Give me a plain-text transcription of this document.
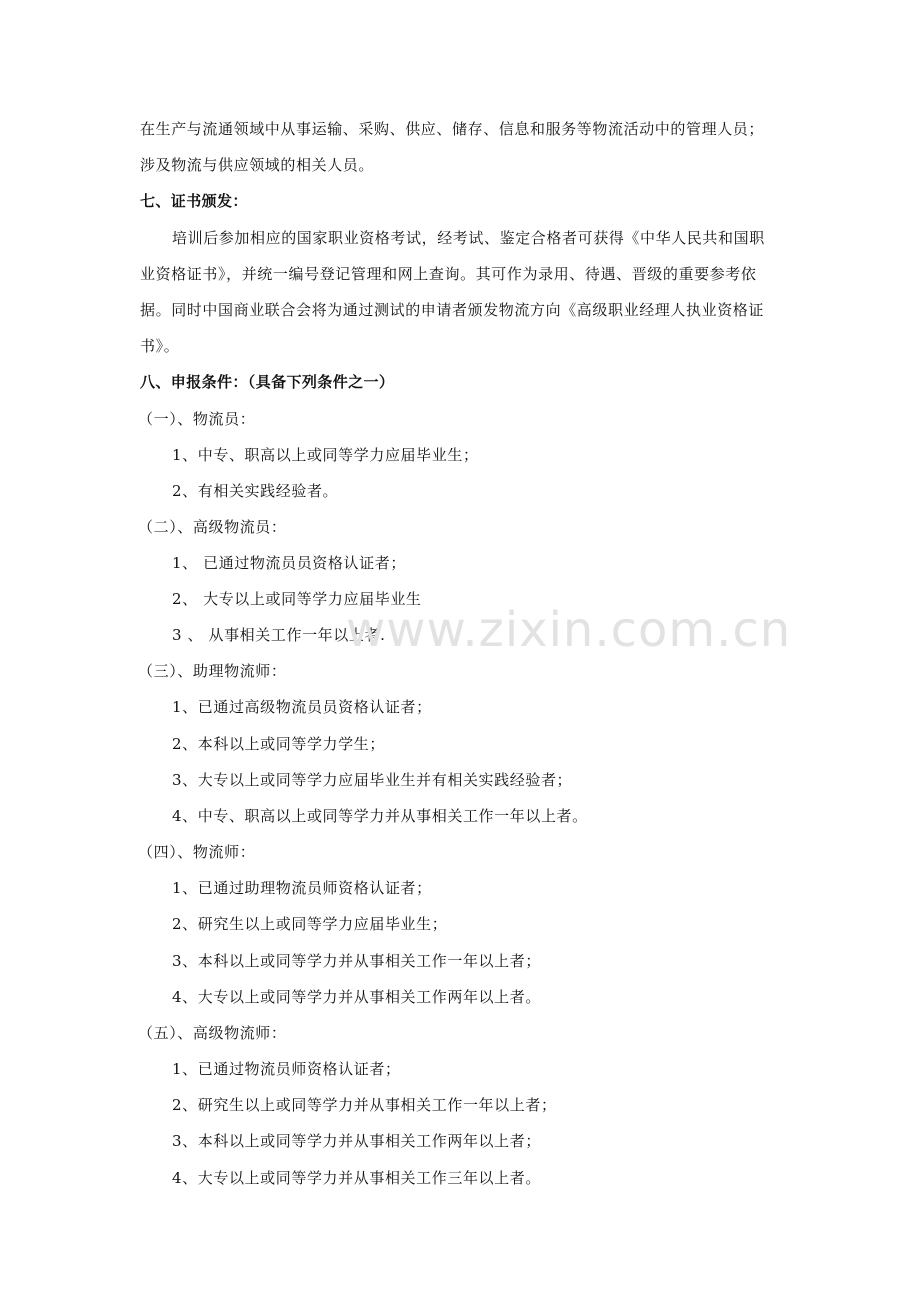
在生产与流通领域中从事运输、采购、供应、储存、信息和服务等物流活动中的管理人员；
涉及物流与供应领域的相关人员。
七、证书颁发：
培训后参加相应的国家职业资格考试，经考试、鉴定合格者可获得《中华人民共和国职
业资格证书》，并统一编号登记管理和网上查询。其可作为录用、待遇、晋级的重要参考依
据。同时中国商业联合会将为通过测试的申请者颁发物流方向《高级职业经理人执业资格证
书》。
八、申报条件：（具备下列条件之一）
（一）、物流员：
1、中专、职高以上或同等学力应届毕业生；
2、有相关实践经验者。
（二）、高级物流员：
1、 已通过物流员员资格认证者；
2、 大专以上或同等学力应届毕业生
3 、 从事相关工作一年以上者.
（三）、助理物流师：
1、已通过高级物流员员资格认证者；
2、本科以上或同等学力学生；
3、大专以上或同等学力应届毕业生并有相关实践经验者；
4、中专、职高以上或同等学力并从事相关工作一年以上者。
（四）、物流师：
1、已通过助理物流员师资格认证者；
2、研究生以上或同等学力应届毕业生；
3、本科以上或同等学力并从事相关工作一年以上者；
4、大专以上或同等学力并从事相关工作两年以上者。
（五）、高级物流师：
1、已通过物流员师资格认证者；
2、研究生以上或同等学力并从事相关工作一年以上者；
3、本科以上或同等学力并从事相关工作两年以上者；
4、大专以上或同等学力并从事相关工作三年以上者。
www.zixin.com.cn
